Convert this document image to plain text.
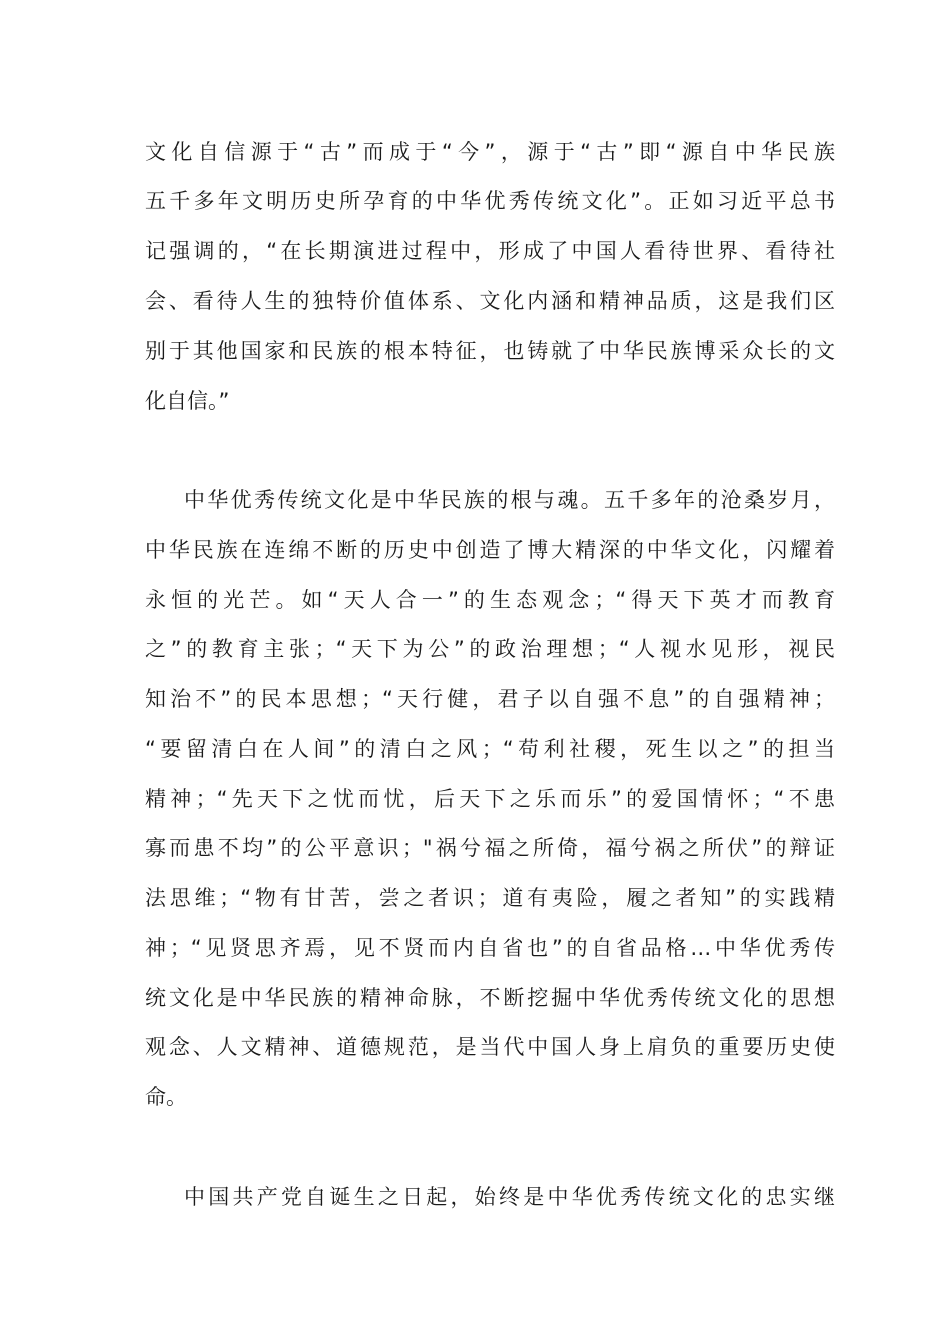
文化自信源于“古”而成于“今”，源于“古”即“源自中华民族
五千多年文明历史所孕育的中华优秀传统文化”。正如习近平总书
记强调的，“在长期演进过程中，形成了中国人看待世界、看待社
会、看待人生的独特价值体系、文化内涵和精神品质，这是我们区
别于其他国家和民族的根本特征，也铸就了中华民族博采众长的文
化自信。”
中华优秀传统文化是中华民族的根与魂。五千多年的沧桑岁月，
中华民族在连绵不断的历史中创造了博大精深的中华文化，闪耀着
永恒的光芒。如“天人合一”的生态观念；“得天下英才而教育
之”的教育主张；“天下为公”的政治理想；“人视水见形，视民
知治不”的民本思想；“天行健，君子以自强不息”的自强精神；
“要留清白在人间”的清白之风；“苟利社稷，死生以之”的担当
精神；“先天下之忧而忧，后天下之乐而乐”的爱国情怀；“不患
寡而患不均”的公平意识；"祸兮福之所倚，福兮祸之所伏”的辩证
法思维；“物有甘苦，尝之者识；道有夷险，履之者知”的实践精
神；“见贤思齐焉，见不贤而内自省也”的自省品格…中华优秀传
统文化是中华民族的精神命脉，不断挖掘中华优秀传统文化的思想
观念、人文精神、道德规范，是当代中国人身上肩负的重要历史使
命。
中国共产党自诞生之日起，始终是中华优秀传统文化的忠实继
